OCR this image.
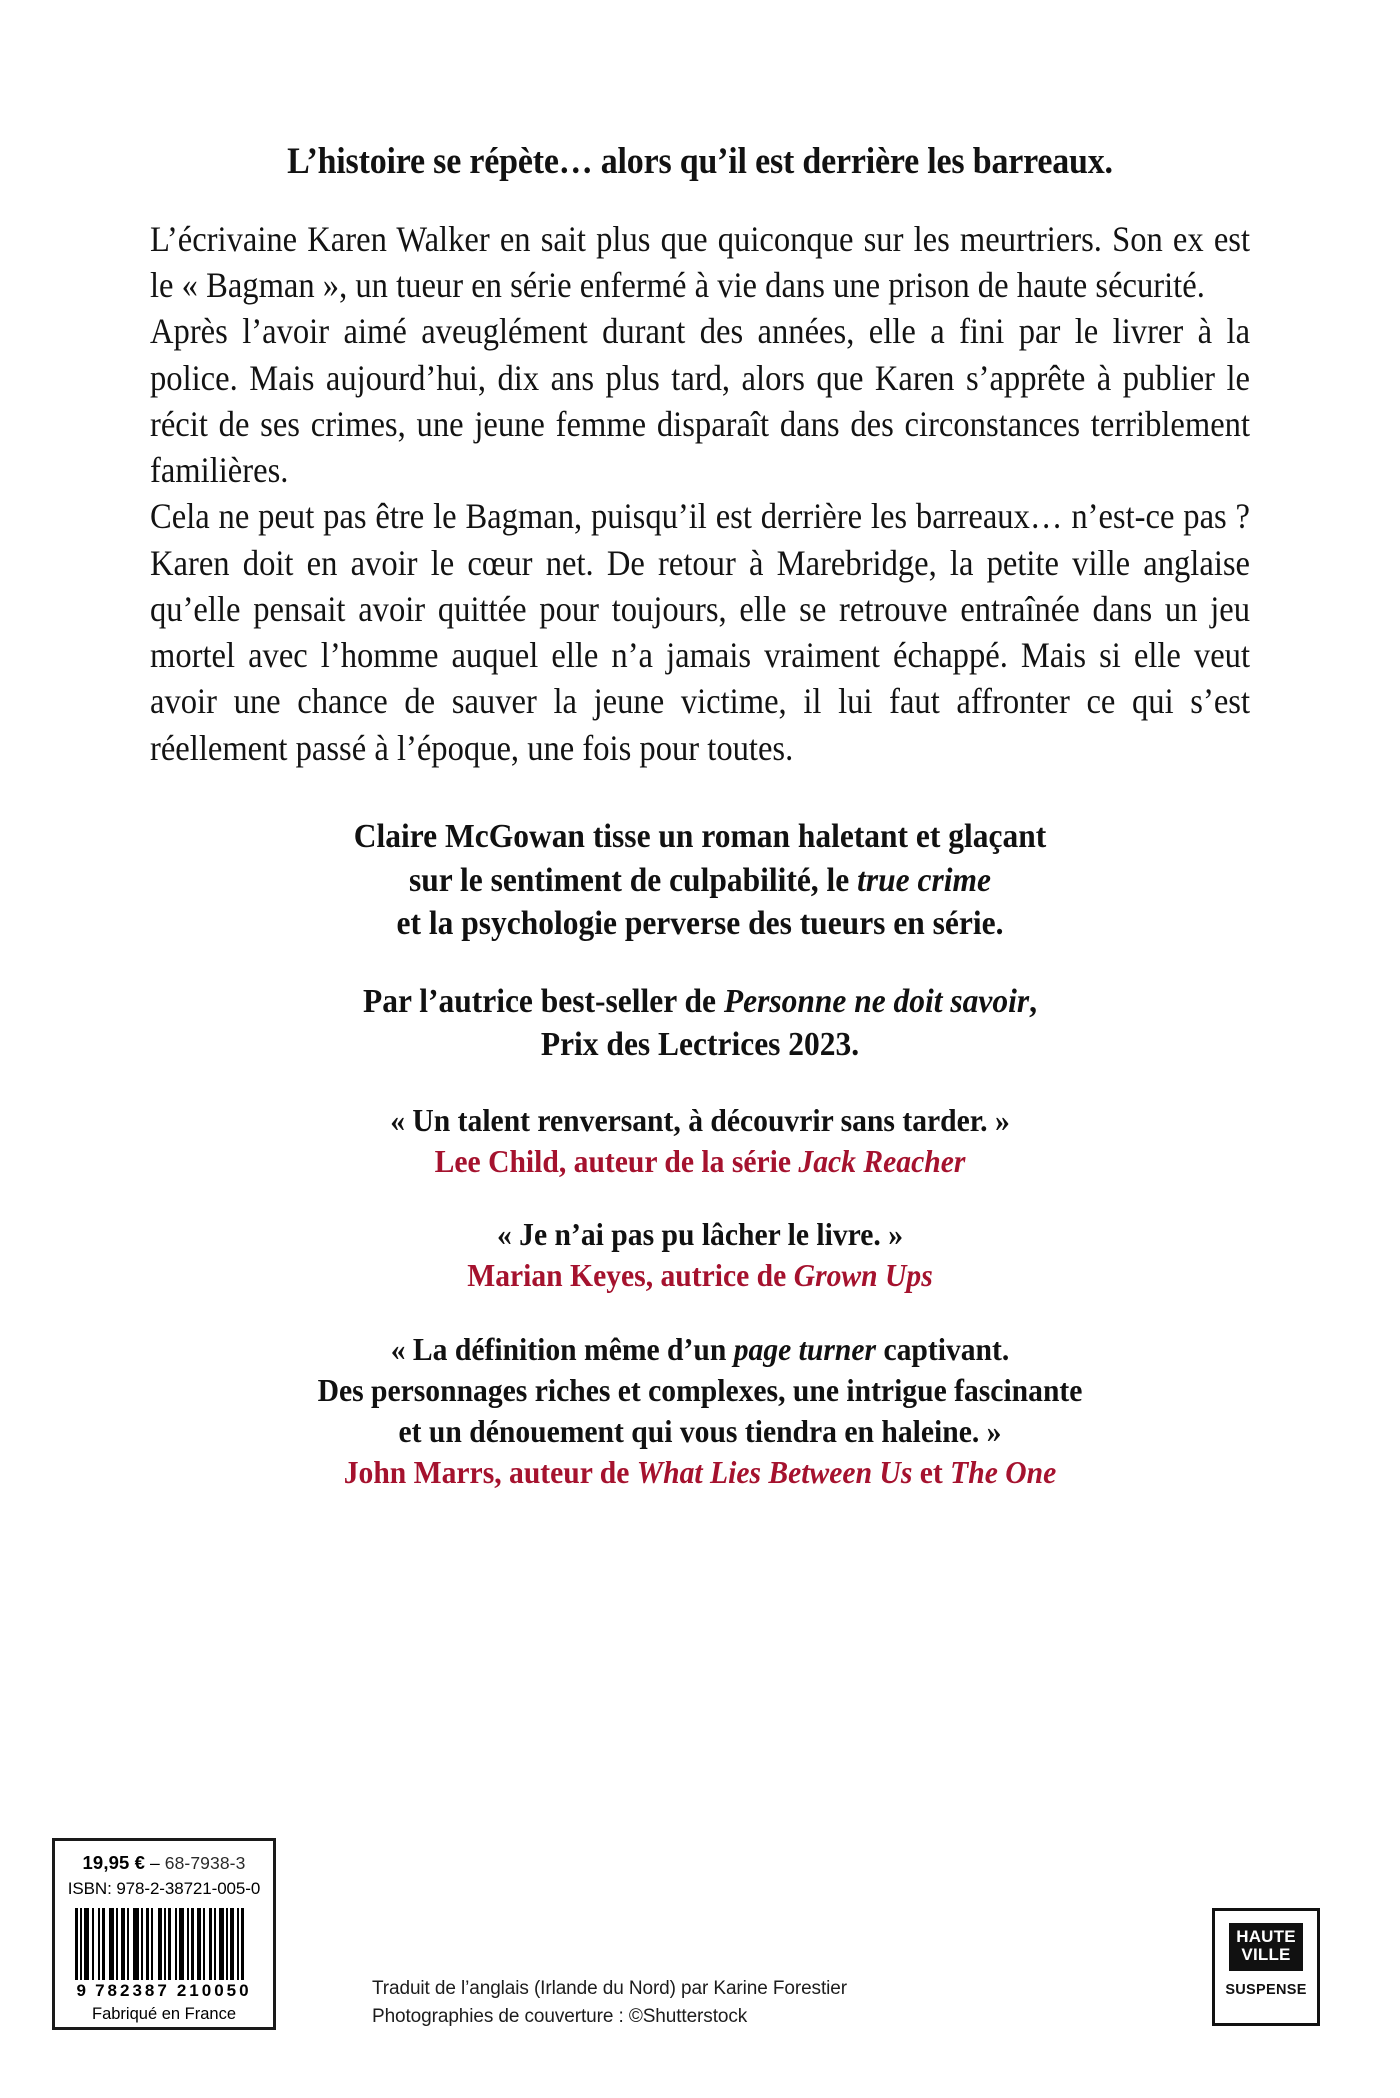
L’histoire se répète… alors qu’il est derrière les barreaux.

L’écrivaine Karen Walker en sait plus que quiconque sur les meurtriers. Son ex est le « Bagman », un tueur en série enfermé à vie dans une prison de haute sécurité.

Après l’avoir aimé aveuglément durant des années, elle a fini par le livrer à la police. Mais aujourd’hui, dix ans plus tard, alors que Karen s’apprête à publier le récit de ses crimes, une jeune femme disparaît dans des circonstances terriblement familières.

Cela ne peut pas être le Bagman, puisqu’il est derrière les barreaux… n’est-ce pas ? Karen doit en avoir le cœur net. De retour à Marebridge, la petite ville anglaise qu’elle pensait avoir quittée pour toujours, elle se retrouve entraînée dans un jeu mortel avec l’homme auquel elle n’a jamais vraiment échappé. Mais si elle veut avoir une chance de sauver la jeune victime, il lui faut affronter ce qui s’est réellement passé à l’époque, une fois pour toutes.

Claire McGowan tisse un roman haletant et glaçant
sur le sentiment de culpabilité, le true crime
et la psychologie perverse des tueurs en série.
Par l’autrice best-seller de Personne ne doit savoir,
Prix des Lectrices 2023.
« Un talent renversant, à découvrir sans tarder. »
Lee Child, auteur de la série Jack Reacher
« Je n’ai pas pu lâcher le livre. »
Marian Keyes, autrice de Grown Ups
« La définition même d’un page turner captivant.
Des personnages riches et complexes, une intrigue fascinante
et un dénouement qui vous tiendra en haleine. »
John Marrs, auteur de What Lies Between Us et The One
19,95 € – 68-7938-3
ISBN: 978-2-38721-005-0
9 782387 210050
Fabriqué en France
Traduit de l’anglais (Irlande du Nord) par Karine Forestier
Photographies de couverture : ©Shutterstock
HAUTE
VILLE
SUSPENSE
